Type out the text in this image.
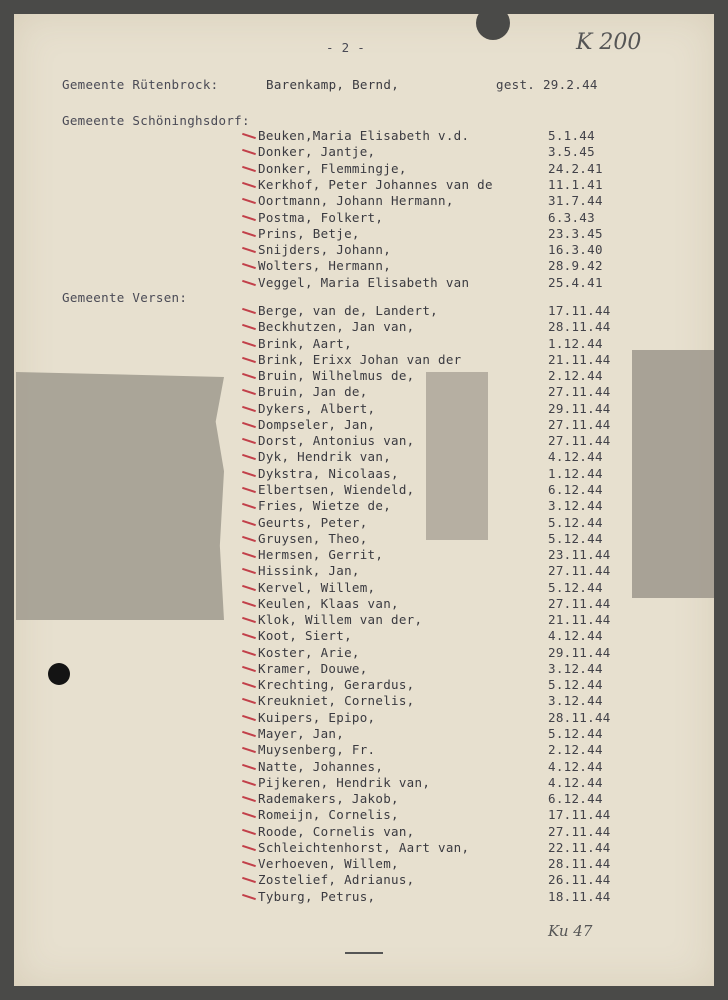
- 2 -	K 200
Gemeente Rütenbrock:	Barenkamp, Bernd,	gest. 29.2.44
Gemeente Schöninghsdorf:
Beuken,Maria Elisabeth v.d.	5.1.44
Donker, Jantje,	3.5.45
Donker, Flemmingje,	24.2.41
Kerkhof, Peter Johannes van de	11.1.41
Oortmann, Johann Hermann,	31.7.44
Postma, Folkert,	6.3.43
Prins, Betje,	23.3.45
Snijders, Johann,	16.3.40
Wolters, Hermann,	28.9.42
Veggel, Maria Elisabeth van	25.4.41
Gemeente Versen:
Berge, van de, Landert,	17.11.44
Beckhutzen, Jan van,	28.11.44
Brink, Aart,	1.12.44
Brink, Erixx Johan van der	21.11.44
Bruin, Wilhelmus de,	2.12.44
Bruin, Jan de,	27.11.44
Dykers, Albert,	29.11.44
Dompseler, Jan,	27.11.44
Dorst, Antonius van,	27.11.44
Dyk, Hendrik van,	4.12.44
Dykstra, Nicolaas,	1.12.44
Elbertsen, Wiendeld,	6.12.44
Fries, Wietze de,	3.12.44
Geurts, Peter,	5.12.44
Gruysen, Theo,	5.12.44
Hermsen, Gerrit,	23.11.44
Hissink, Jan,	27.11.44
Kervel, Willem,	5.12.44
Keulen, Klaas van,	27.11.44
Klok, Willem van der,	21.11.44
Koot, Siert,	4.12.44
Koster, Arie,	29.11.44
Kramer, Douwe,	3.12.44
Krechting, Gerardus,	5.12.44
Kreukniet, Cornelis,	3.12.44
Kuipers, Epipo,	28.11.44
Mayer, Jan,	5.12.44
Muysenberg, Fr.	2.12.44
Natte, Johannes,	4.12.44
Pijkeren, Hendrik van,	4.12.44
Rademakers, Jakob,	6.12.44
Romeijn, Cornelis,	17.11.44
Roode, Cornelis van,	27.11.44
Schleichtenhorst, Aart van,	22.11.44
Verhoeven, Willem,	28.11.44
Zostelief, Adrianus,	26.11.44
Tyburg, Petrus,	18.11.44
Ku 47
